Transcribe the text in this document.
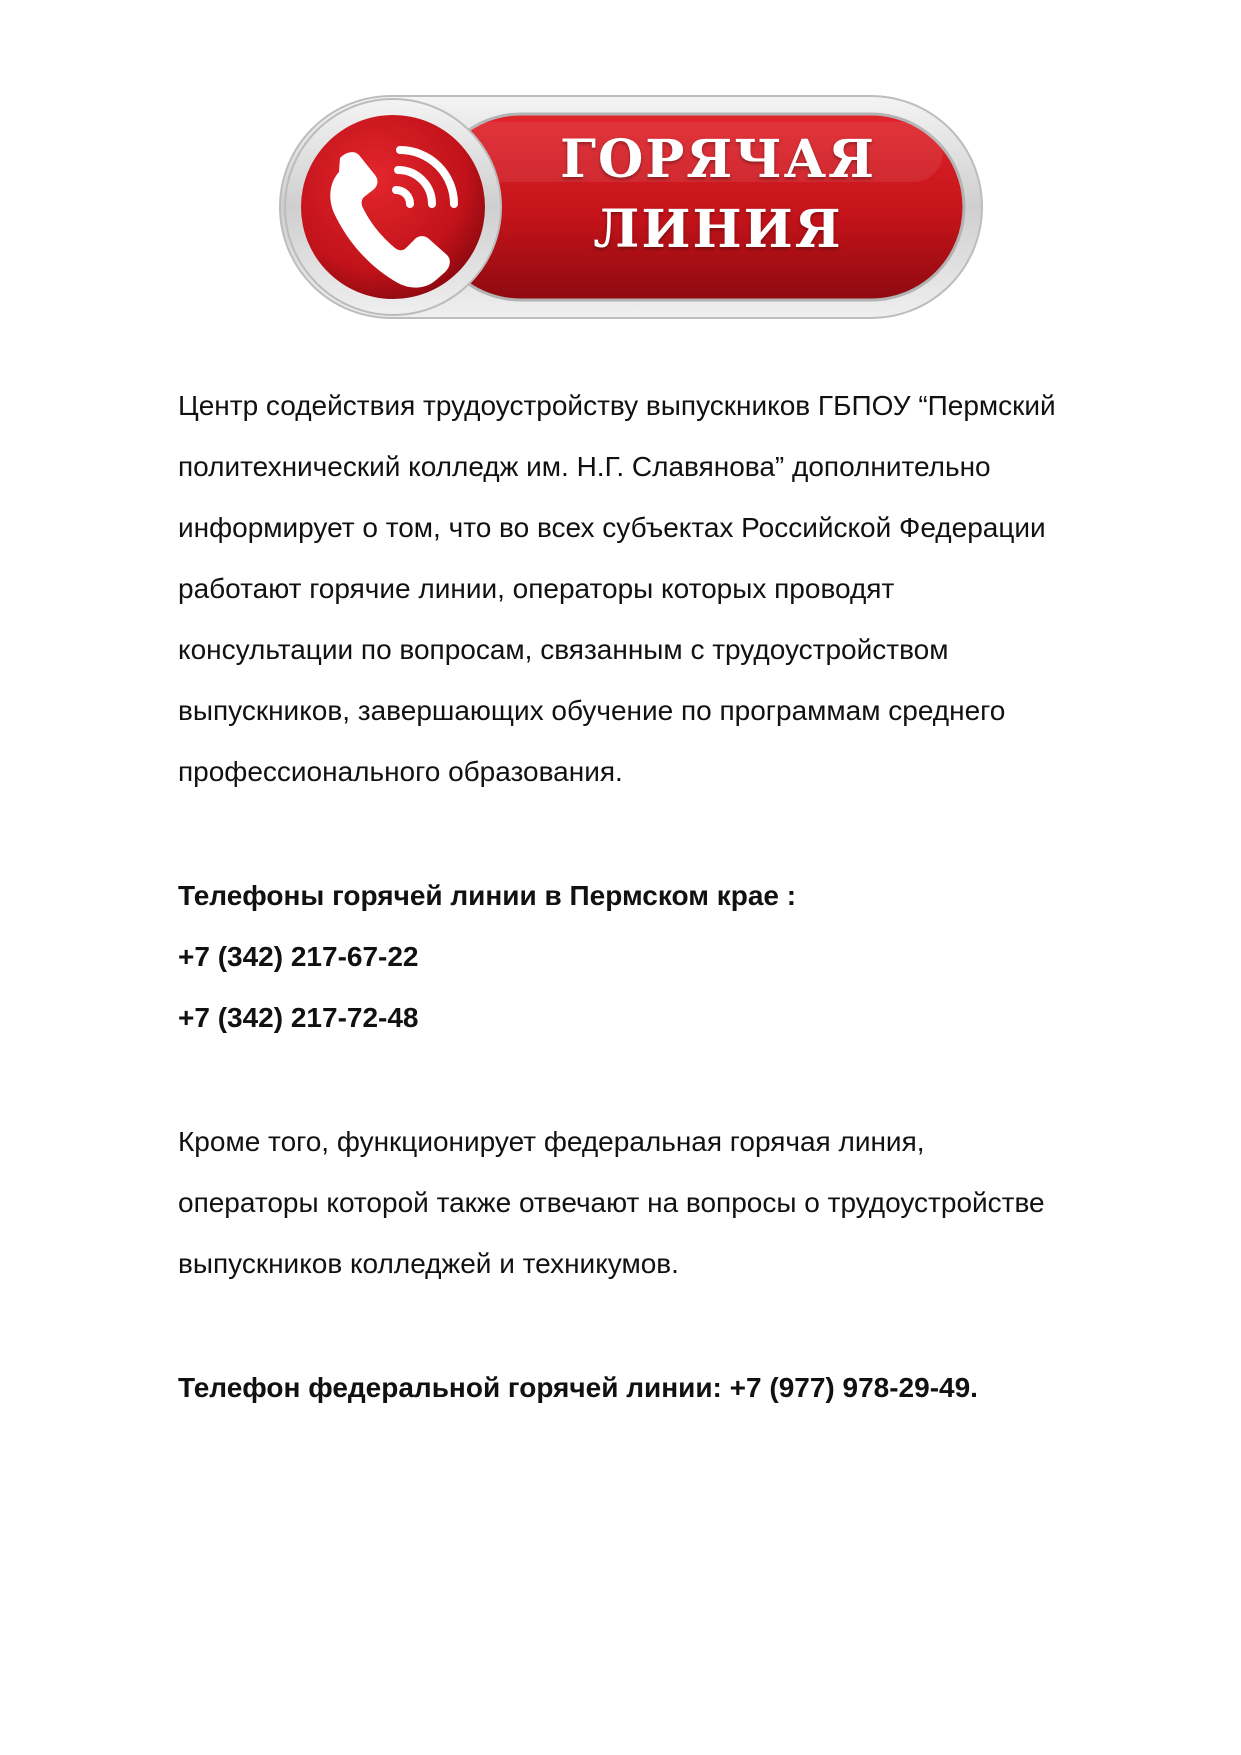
ГОРЯЧАЯ
ЛИНИЯ

Центр содействия трудоустройству выпускников ГБПОУ “Пермский
политехнический колледж им. Н.Г. Славянова” дополнительно
информирует о том, что во всех субъектах Российской Федерации
работают горячие линии, операторы которых проводят
консультации по вопросам, связанным с трудоустройством
выпускников, завершающих обучение по программам среднего
профессионального образования.

Телефоны горячей линии в Пермском крае :
+7 (342) 217-67-22
+7 (342) 217-72-48

Кроме того, функционирует федеральная горячая линия,
операторы которой также отвечают на вопросы о трудоустройстве
выпускников колледжей и техникумов.

Телефон федеральной горячей линии: +7 (977) 978-29-49.
